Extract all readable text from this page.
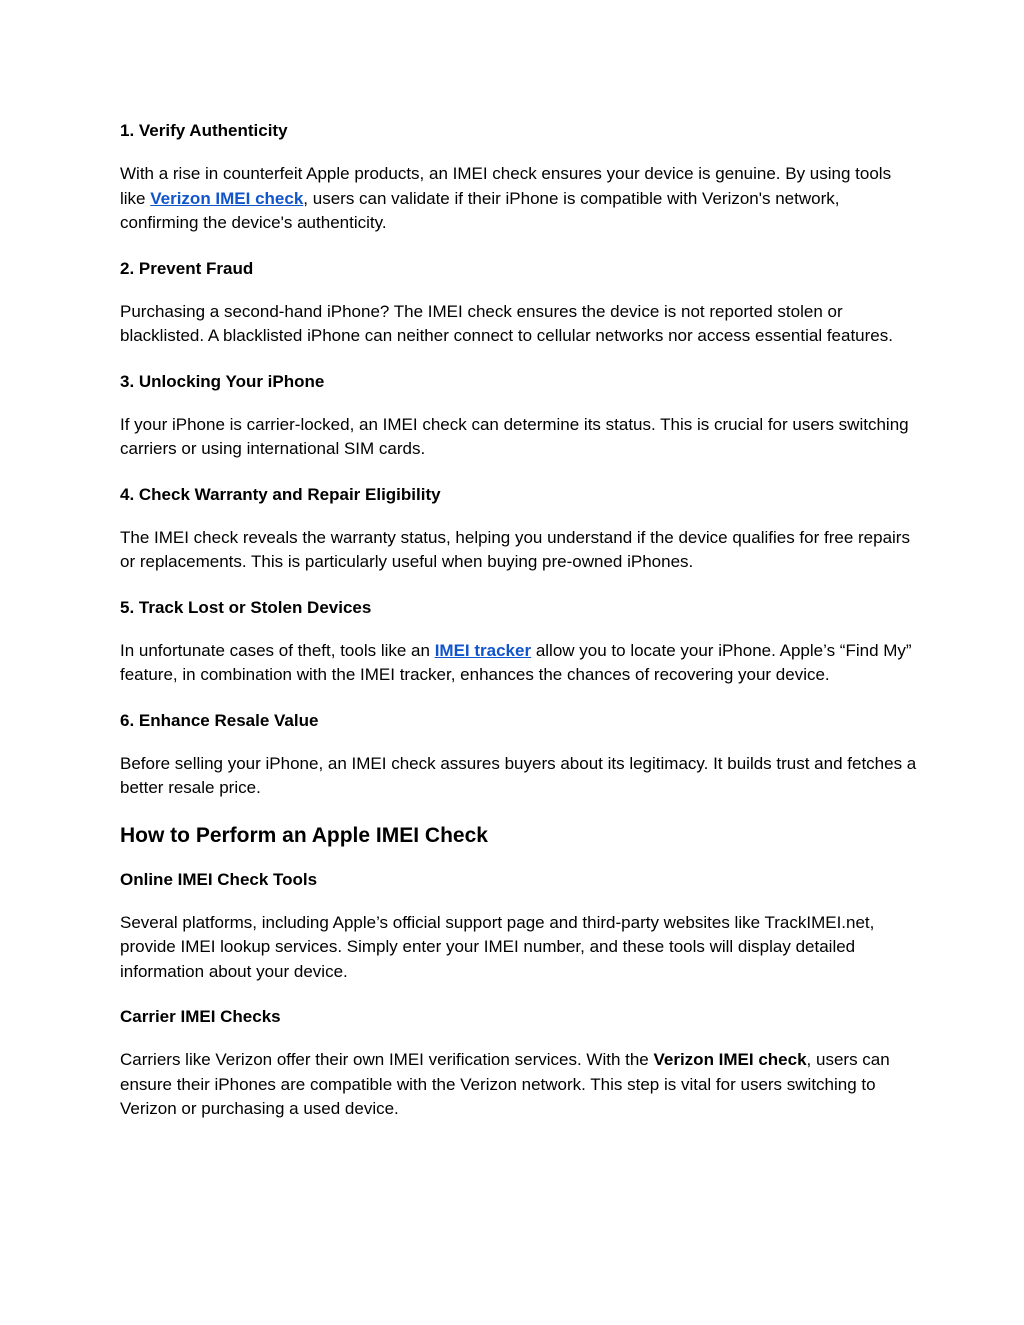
1. Verify Authenticity
With a rise in counterfeit Apple products, an IMEI check ensures your device is genuine. By using tools like Verizon IMEI check, users can validate if their iPhone is compatible with Verizon's network, confirming the device's authenticity.
2. Prevent Fraud
Purchasing a second-hand iPhone? The IMEI check ensures the device is not reported stolen or blacklisted. A blacklisted iPhone can neither connect to cellular networks nor access essential features.
3. Unlocking Your iPhone
If your iPhone is carrier-locked, an IMEI check can determine its status. This is crucial for users switching carriers or using international SIM cards.
4. Check Warranty and Repair Eligibility
The IMEI check reveals the warranty status, helping you understand if the device qualifies for free repairs or replacements. This is particularly useful when buying pre-owned iPhones.
5. Track Lost or Stolen Devices
In unfortunate cases of theft, tools like an IMEI tracker allow you to locate your iPhone. Apple’s “Find My” feature, in combination with the IMEI tracker, enhances the chances of recovering your device.
6. Enhance Resale Value
Before selling your iPhone, an IMEI check assures buyers about its legitimacy. It builds trust and fetches a better resale price.
How to Perform an Apple IMEI Check
Online IMEI Check Tools
Several platforms, including Apple’s official support page and third-party websites like TrackIMEI.net, provide IMEI lookup services. Simply enter your IMEI number, and these tools will display detailed information about your device.
Carrier IMEI Checks
Carriers like Verizon offer their own IMEI verification services. With the Verizon IMEI check, users can ensure their iPhones are compatible with the Verizon network. This step is vital for users switching to Verizon or purchasing a used device.
